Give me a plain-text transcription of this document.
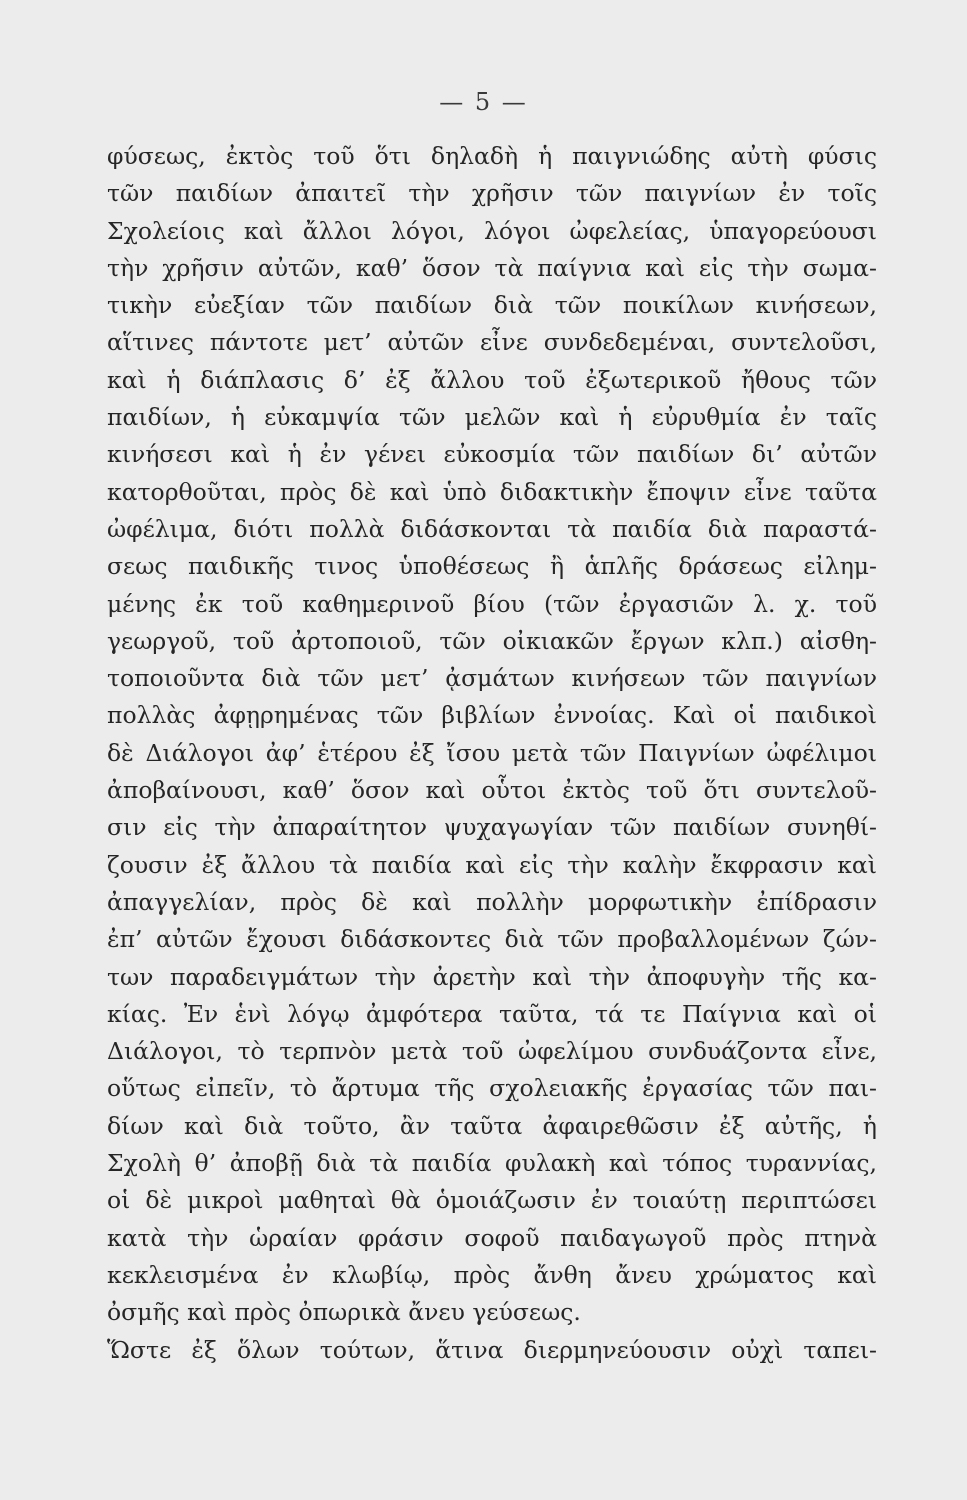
— 5 —
φύσεως, ἐκτὸς τοῦ ὅτι δηλαδὴ ἡ παιγνιώδης αὐτὴ φύσις
τῶν παιδίων ἀπαιτεῖ τὴν χρῆσιν τῶν παιγνίων ἐν τοῖς
Σχολείοις καὶ ἄλλοι λόγοι, λόγοι ὠφελείας, ὑπαγορεύουσι
τὴν χρῆσιν αὐτῶν, καθ’ ὅσον τὰ παίγνια καὶ εἰς τὴν σωμα-
τικὴν εὐεξίαν τῶν παιδίων διὰ τῶν ποικίλων κινήσεων,
αἵτινες πάντοτε μετ’ αὐτῶν εἶνε συνδεδεμέναι, συντελοῦσι,
καὶ ἡ διάπλασις δ’ ἐξ ἄλλου τοῦ ἐξωτερικοῦ ἤθους τῶν
παιδίων, ἡ εὐκαμψία τῶν μελῶν καὶ ἡ εὐρυθμία ἐν ταῖς
κινήσεσι καὶ ἡ ἐν γένει εὐκοσμία τῶν παιδίων δι’ αὐτῶν
κατορθοῦται, πρὸς δὲ καὶ ὑπὸ διδακτικὴν ἔποψιν εἶνε ταῦτα
ὠφέλιμα, διότι πολλὰ διδάσκονται τὰ παιδία διὰ παραστά-
σεως παιδικῆς τινος ὑποθέσεως ἢ ἁπλῆς δράσεως εἰλημ-
μένης ἐκ τοῦ καθημερινοῦ βίου (τῶν ἐργασιῶν λ. χ. τοῦ
γεωργοῦ, τοῦ ἀρτοποιοῦ, τῶν οἰκιακῶν ἔργων κλπ.) αἰσθη-
τοποιοῦντα διὰ τῶν μετ’ ᾀσμάτων κινήσεων τῶν παιγνίων
πολλὰς ἀφῃρημένας τῶν βιβλίων ἐννοίας. Καὶ οἱ παιδικοὶ
δὲ Διάλογοι ἀφ’ ἑτέρου ἐξ ἴσου μετὰ τῶν Παιγνίων ὠφέλιμοι
ἀποβαίνουσι, καθ’ ὅσον καὶ οὗτοι ἐκτὸς τοῦ ὅτι συντελοῦ-
σιν εἰς τὴν ἀπαραίτητον ψυχαγωγίαν τῶν παιδίων συνηθί-
ζουσιν ἐξ ἄλλου τὰ παιδία καὶ εἰς τὴν καλὴν ἔκφρασιν καὶ
ἀπαγγελίαν, πρὸς δὲ καὶ πολλὴν μορφωτικὴν ἐπίδρασιν
ἐπ’ αὐτῶν ἔχουσι διδάσκοντες διὰ τῶν προβαλλομένων ζών-
των παραδειγμάτων τὴν ἀρετὴν καὶ τὴν ἀποφυγὴν τῆς κα-
κίας. Ἐν ἑνὶ λόγῳ ἀμφότερα ταῦτα, τά τε Παίγνια καὶ οἱ
Διάλογοι, τὸ τερπνὸν μετὰ τοῦ ὠφελίμου συνδυάζοντα εἶνε,
οὕτως εἰπεῖν, τὸ ἄρτυμα τῆς σχολειακῆς ἐργασίας τῶν παι-
δίων καὶ διὰ τοῦτο, ἂν ταῦτα ἀφαιρεθῶσιν ἐξ αὐτῆς, ἡ
Σχολὴ θ’ ἀποβῇ διὰ τὰ παιδία φυλακὴ καὶ τόπος τυραννίας,
οἱ δὲ μικροὶ μαθηταὶ θὰ ὁμοιάζωσιν ἐν τοιαύτῃ περιπτώσει
κατὰ τὴν ὡραίαν φράσιν σοφοῦ παιδαγωγοῦ πρὸς πτηνὰ
κεκλεισμένα ἐν κλωβίῳ, πρὸς ἄνθη ἄνευ χρώματος καὶ
ὀσμῆς καὶ πρὸς ὀπωρικὰ ἄνευ γεύσεως.
Ὥστε ἐξ ὅλων τούτων, ἅτινα διερμηνεύουσιν οὐχὶ ταπει-
